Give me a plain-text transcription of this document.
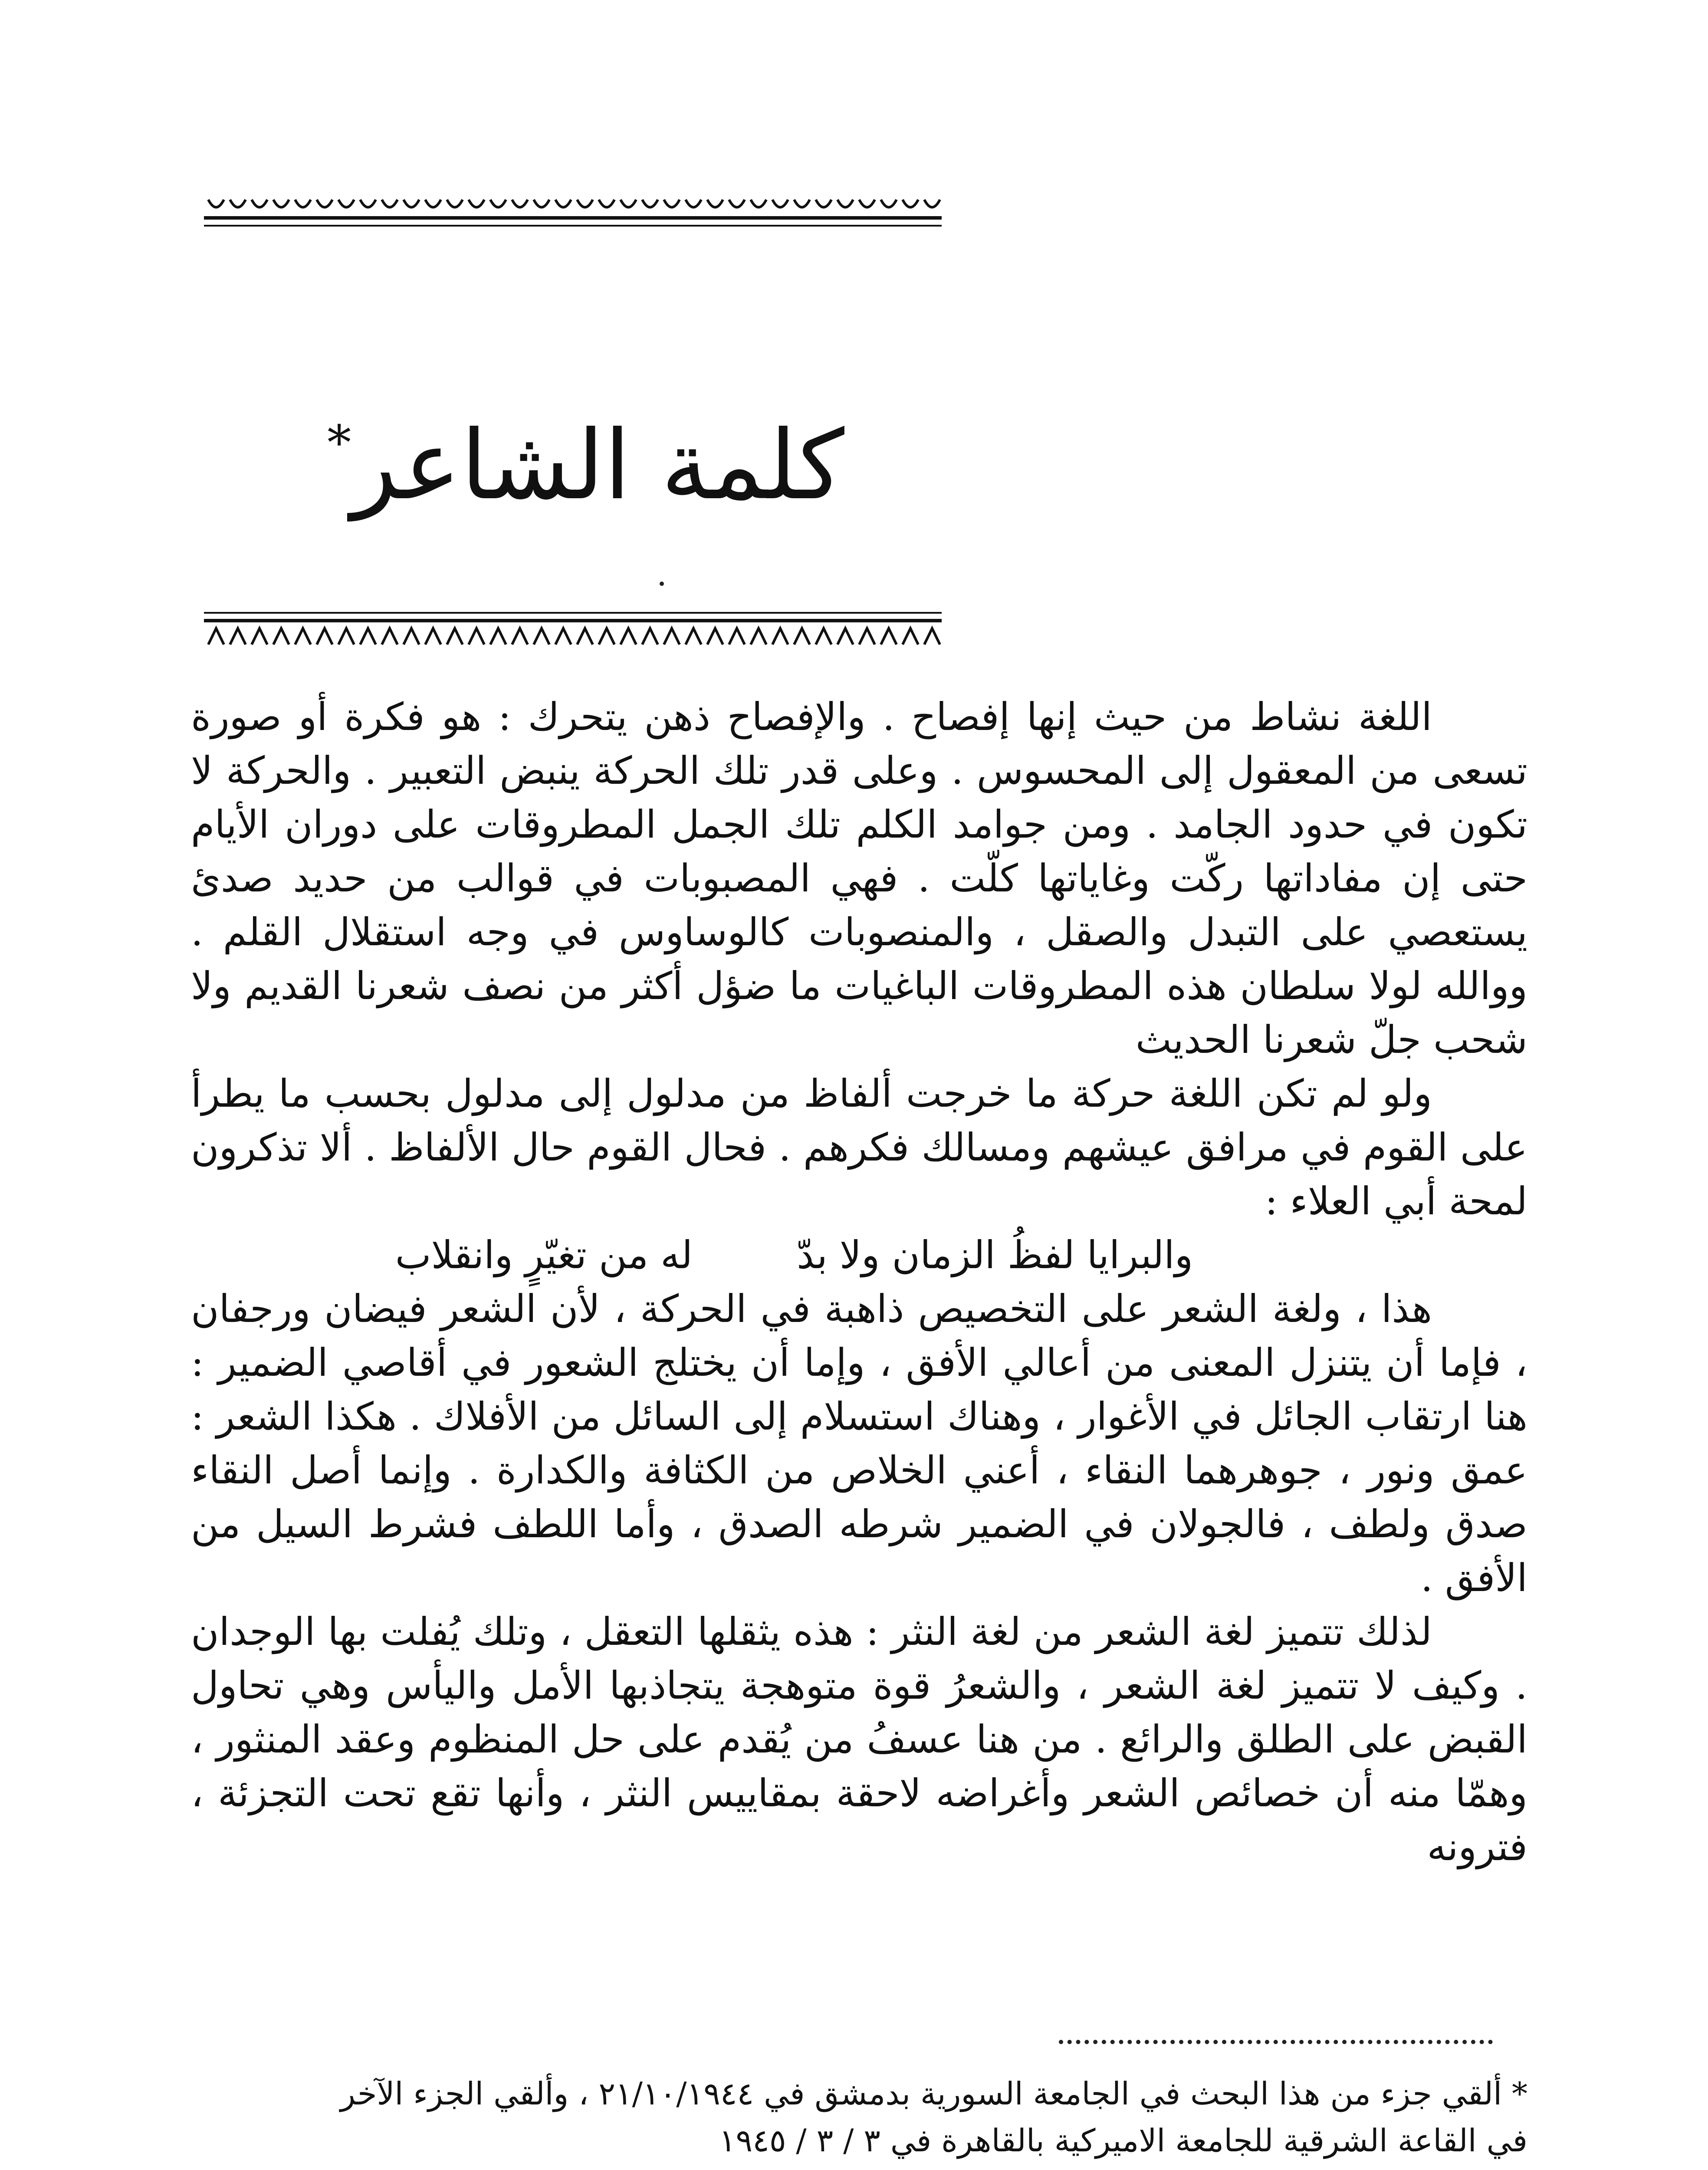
كلمة الشاعر*

اللغة نشاط من حيث إنها إفصاح . والإفصاح ذهن يتحرك : هو فكرة أو صورة تسعى من المعقول إلى المحسوس . وعلى قدر تلك الحركة ينبض التعبير . والحركة لا تكون في حدود الجامد . ومن جوامد الكلم تلك الجمل المطروقات على دوران الأيام حتى إن مفاداتها ركّت وغاياتها كلّت . فهي المصبوبات في قوالب من حديد صدئ يستعصي على التبدل والصقل ، والمنصوبات كالوساوس في وجه استقلال القلم . ووالله لولا سلطان هذه المطروقات الباغيات ما ضؤل أكثر من نصف شعرنا القديم ولا شحب جلّ شعرنا الحديث

ولو لم تكن اللغة حركة ما خرجت ألفاظ من مدلول إلى مدلول بحسب ما يطرأ على القوم في مرافق عيشهم ومسالك فكرهم . فحال القوم حال الألفاظ . ألا تذكرون لمحة أبي العلاء :

والبرايا لفظُ الزمان ولا بدّله من تغيّرٍ وانقلاب

هذا ، ولغة الشعر على التخصيص ذاهبة في الحركة ، لأن الشعر فيضان ورجفان ، فإما أن يتنزل المعنى من أعالي الأفق ، وإما أن يختلج الشعور في أقاصي الضمير : هنا ارتقاب الجائل في الأغوار ، وهناك استسلام إلى السائل من الأفلاك . هكذا الشعر : عمق ونور ، جوهرهما النقاء ، أعني الخلاص من الكثافة والكدارة . وإنما أصل النقاء صدق ولطف ، فالجولان في الضمير شرطه الصدق ، وأما اللطف فشرط السيل من الأفق .

لذلك تتميز لغة الشعر من لغة النثر : هذه يثقلها التعقل ، وتلك يُفلت بها الوجدان . وكيف لا تتميز لغة الشعر ، والشعرُ قوة متوهجة يتجاذبها الأمل واليأس وهي تحاول القبض على الطلق والرائع . من هنا عسفُ من يُقدم على حل المنظوم وعقد المنثور ، وهمّا منه أن خصائص الشعر وأغراضه لاحقة بمقاييس النثر ، وأنها تقع تحت التجزئة ، فترونه

* ألقي جزء من هذا البحث في الجامعة السورية بدمشق في ٢١/١٠/١٩٤٤ ، وألقي الجزء الآخر

في القاعة الشرقية للجامعة الاميركية بالقاهرة في ٣ / ٣ / ١٩٤٥
